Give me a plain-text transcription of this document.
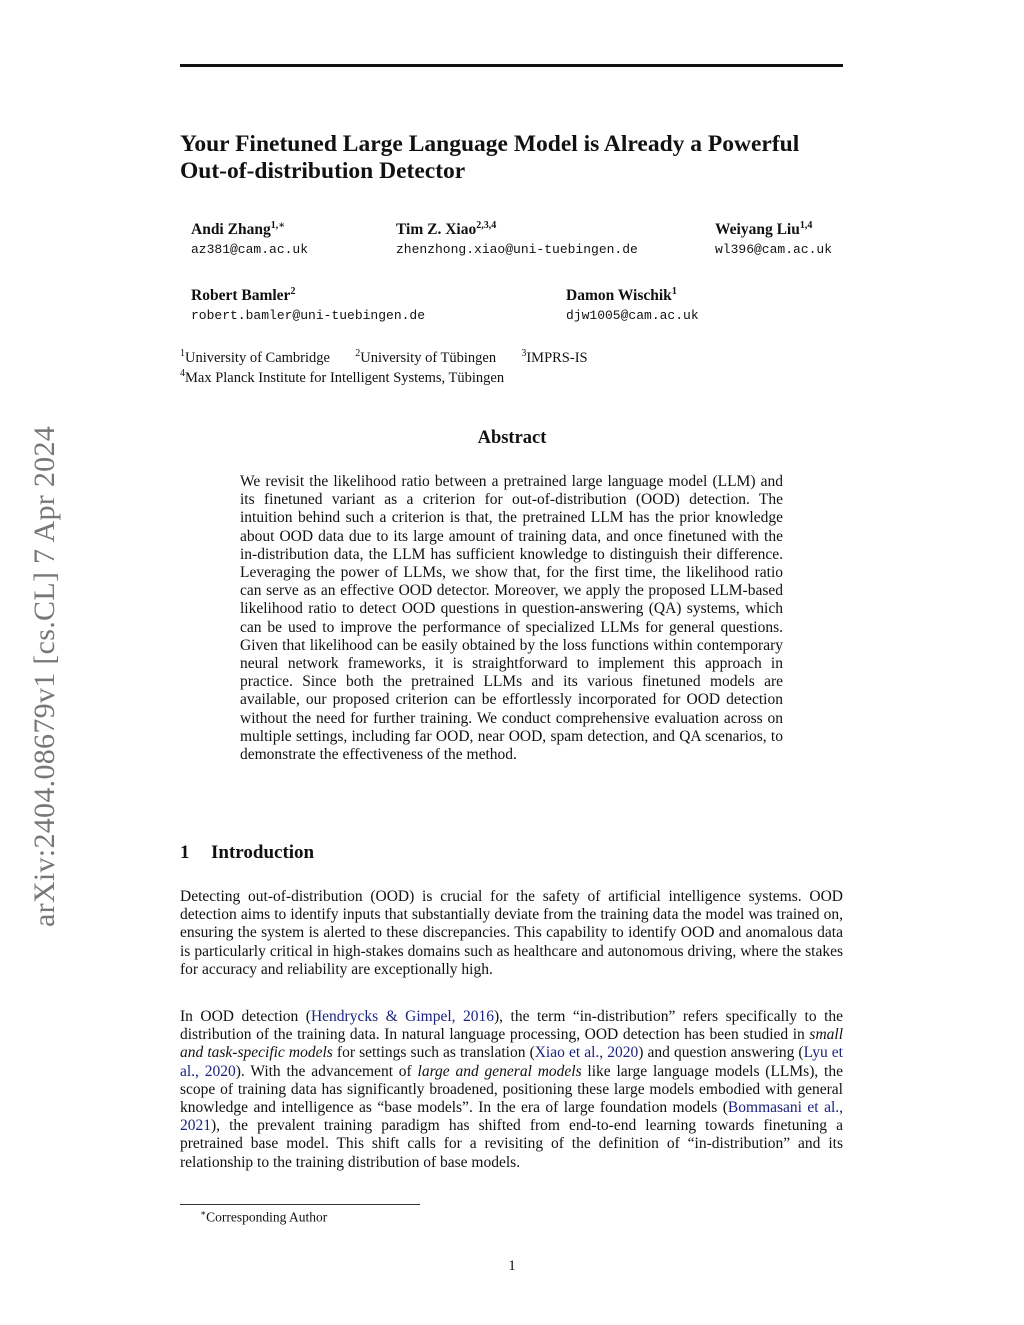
arXiv:2404.08679v1 [cs.CL] 7 Apr 2024
Your Finetuned Large Language Model is Already a Powerful
Out-of-distribution Detector
Andi Zhang$^{1,∗}$
az381@cam.ac.uk
Tim Z. Xiao$^{2,3,4}$
zhenzhong.xiao@uni-tuebingen.de
Weiyang Liu$^{1,4}$
wl396@cam.ac.uk
Robert Bamler$^2$
robert.bamler@uni-tuebingen.de
Damon Wischik$^1$
djw1005@cam.ac.uk
$^1$University of Cambridge	$^2$University of Tübingen	$^3$IMPRS-IS
$^4$Max Planck Institute for Intelligent Systems, Tübingen
Abstract
We revisit the likelihood ratio between a pretrained large language model (LLM) and its finetuned variant as a criterion for out-of-distribution (OOD) detection. The intuition behind such a criterion is that, the pretrained LLM has the prior knowledge about OOD data due to its large amount of training data, and once finetuned with the in-distribution data, the LLM has sufficient knowledge to distinguish their difference. Leveraging the power of LLMs, we show that, for the first time, the likelihood ratio can serve as an effective OOD detector. Moreover, we apply the proposed LLM-based likelihood ratio to detect OOD questions in question-answering (QA) systems, which can be used to improve the performance of specialized LLMs for general questions. Given that likelihood can be easily obtained by the loss functions within contemporary neural network frameworks, it is straightforward to implement this approach in practice. Since both the pretrained LLMs and its various finetuned models are available, our proposed criterion can be effortlessly incorporated for OOD detection without the need for further training. We conduct comprehensive evaluation across on multiple settings, including far OOD, near OOD, spam detection, and QA scenarios, to demonstrate the effectiveness of the method.
1 Introduction
Detecting out-of-distribution (OOD) is crucial for the safety of artificial intelligence systems. OOD detection aims to identify inputs that substantially deviate from the training data the model was trained on, ensuring the system is alerted to these discrepancies. This capability to identify OOD and anomalous data is particularly critical in high-stakes domains such as healthcare and autonomous driving, where the stakes for accuracy and reliability are exceptionally high.
In OOD detection (Hendrycks & Gimpel, 2016), the term “in-distribution” refers specifically to the distribution of the training data. In natural language processing, OOD detection has been studied in small and task-specific models for settings such as translation (Xiao et al., 2020) and question answering (Lyu et al., 2020). With the advancement of large and general models like large language models (LLMs), the scope of training data has significantly broadened, positioning these large models embodied with general knowledge and intelligence as “base models”. In the era of large foundation models (Bommasani et al., 2021), the prevalent training paradigm has shifted from end-to-end learning towards finetuning a pretrained base model. This shift calls for a revisiting of the definition of “in-distribution” and its relationship to the training distribution of base models.
∗Corresponding Author
1
